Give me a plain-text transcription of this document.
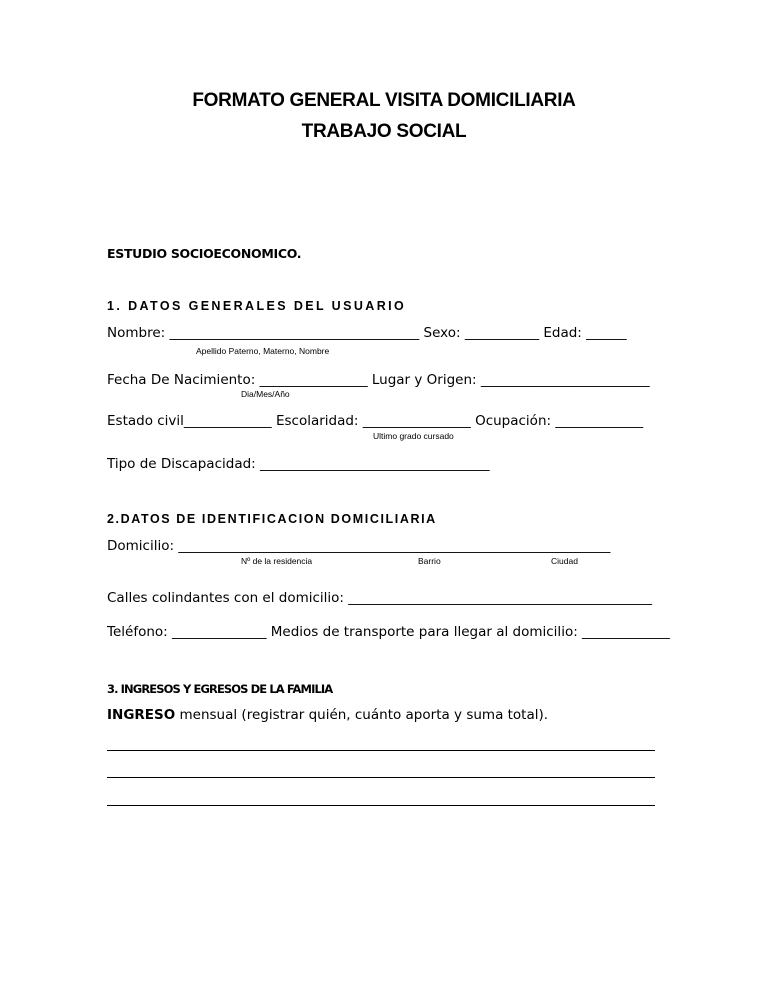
FORMATO GENERAL VISITA DOMICILIARIA
TRABAJO SOCIAL
ESTUDIO SOCIOECONOMICO.
1. DATOS GENERALES DEL USUARIO
Nombre: _____________________________________ Sexo: ___________ Edad: ______
Apellido Paterno, Materno, Nombre
Fecha De Nacimiento: ________________ Lugar y Origen: _________________________
Dia/Mes/Año
Estado civil_____________ Escolaridad: ________________ Ocupación: _____________
Ultimo grado cursado
Tipo de Discapacidad: __________________________________
2.DATOS DE IDENTIFICACION DOMICILIARIA
Domicilio: ________________________________________________________________
Nº de la residencia	Barrio	Ciudad
Calles colindantes con el domicilio: _____________________________________________
Teléfono: ______________ Medios de transporte para llegar al domicilio: _____________
3. INGRESOS Y EGRESOS DE LA FAMILIA
INGRESO mensual (registrar quién, cuánto aporta y suma total).
